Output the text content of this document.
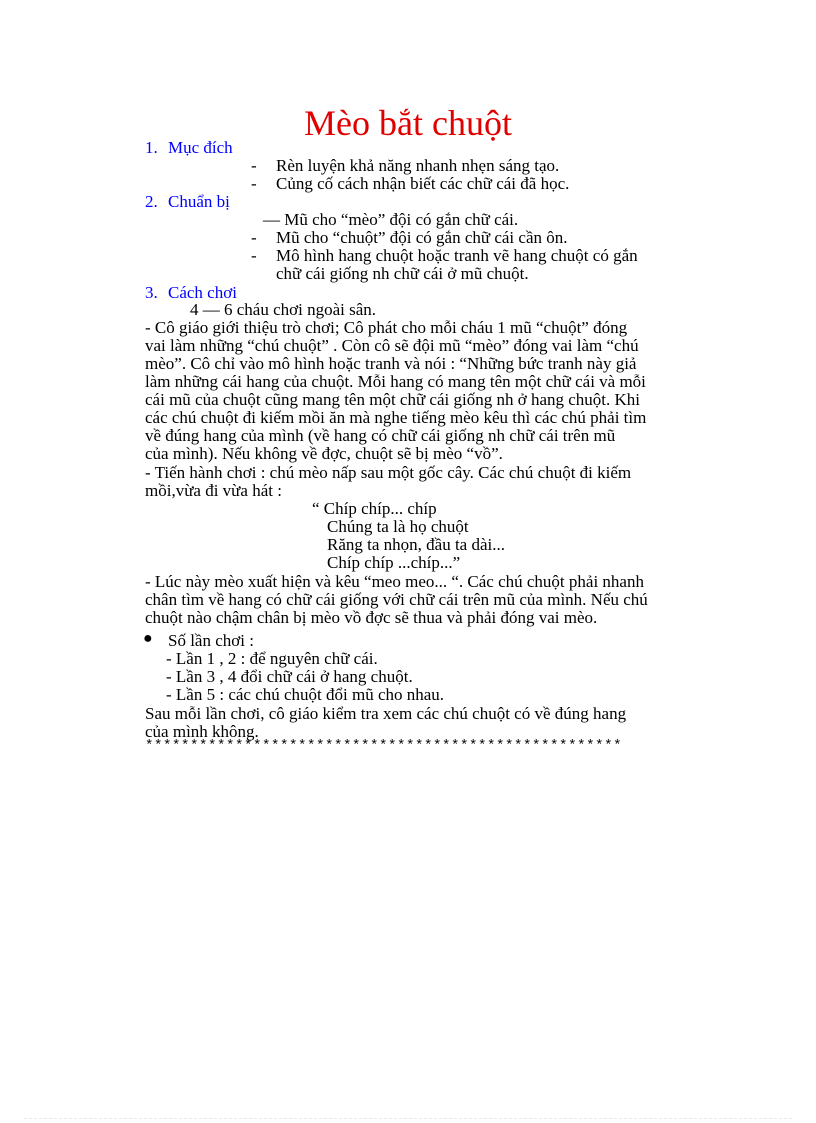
Mèo bắt chuột
1. Mục đích
- Rèn luyện khả năng nhanh nhẹn sáng tạo.
- Củng cố cách nhận biết các chữ cái đã học.
2. Chuẩn bị
— Mũ cho “mèo” đội có gắn chữ cái.
- Mũ cho “chuột” đội có gắn chữ cái cần ôn.
- Mô hình hang chuột hoặc tranh vẽ hang chuột có gắn
chữ cái giống nh chữ cái ở mũ chuột.
3. Cách chơi
4 — 6 cháu chơi ngoài sân.
- Cô giáo giới thiệu trò chơi; Cô phát cho mỗi cháu 1 mũ “chuột” đóng
vai làm những “chú chuột” . Còn cô sẽ đội mũ “mèo” đóng vai làm “chú
mèo”. Cô chỉ vào mô hình hoặc tranh và nói : “Những bức tranh này giả
làm những cái hang của chuột. Mỗi hang có mang tên một chữ cái và mỗi
cái mũ của chuột cũng mang tên một chữ cái giống nh ở hang chuột. Khi
các chú chuột đi kiếm mồi ăn mà nghe tiếng mèo kêu thì các chú phải tìm
về đúng hang của mình (về hang có chữ cái giống nh chữ cái trên mũ
của mình). Nếu không về đợc, chuột sẽ bị mèo “vồ”.
- Tiến hành chơi : chú mèo nấp sau một gốc cây. Các chú chuột đi kiếm
mồi,vừa đi vừa hát :
“ Chíp chíp... chíp
Chúng ta là họ chuột
Răng ta nhọn, đầu ta dài...
Chíp chíp ...chíp...”
- Lúc này mèo xuất hiện và kêu “meo meo... “. Các chú chuột phải nhanh
chân tìm về hang có chữ cái giống với chữ cái trên mũ của mình. Nếu chú
chuột nào chậm chân bị mèo vồ đợc sẽ thua và phải đóng vai mèo.
● Số lần chơi :
- Lần 1 , 2 : để nguyên chữ cái.
- Lần 3 , 4 đổi chữ cái ở hang chuột.
- Lần 5 : các chú chuột đổi mũ cho nhau.
Sau mỗi lần chơi, cô giáo kiểm tra xem các chú chuột có về đúng hang
của mình không.
*****************************************************
